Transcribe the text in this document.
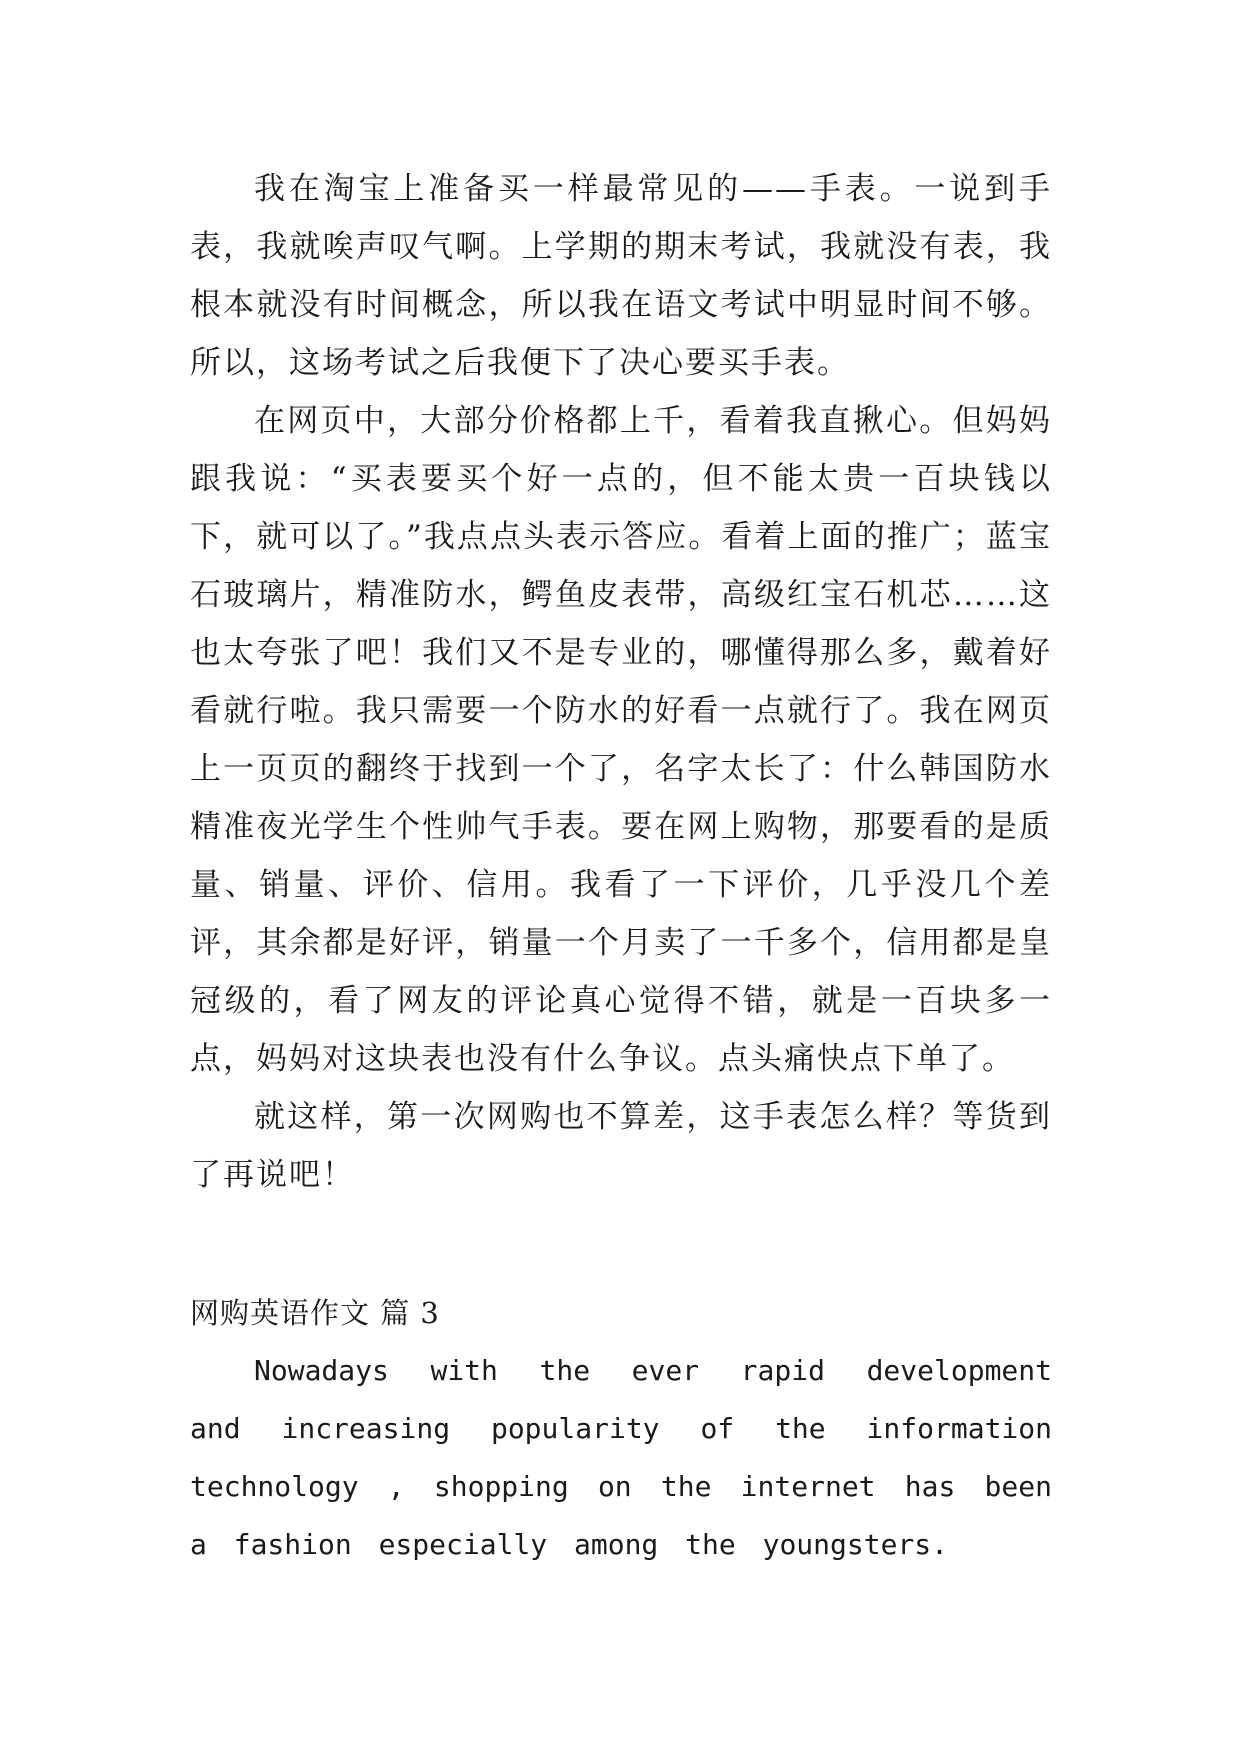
我在淘宝上准备买一样最常见的——手表。一说到手表，我就唉声叹气啊。上学期的期末考试，我就没有表，我根本就没有时间概念，所以我在语文考试中明显时间不够。所以，这场考试之后我便下了决心要买手表。

在网页中，大部分价格都上千，看着我直揪心。但妈妈跟我说：“买表要买个好一点的，但不能太贵一百块钱以下，就可以了。”我点点头表示答应。看着上面的推广；蓝宝石玻璃片，精准防水，鳄鱼皮表带，高级红宝石机芯……这也太夸张了吧！我们又不是专业的，哪懂得那么多，戴着好看就行啦。我只需要一个防水的好看一点就行了。我在网页上一页页的翻终于找到一个了，名字太长了：什么韩国防水精准夜光学生个性帅气手表。要在网上购物，那要看的是质量、销量、评价、信用。我看了一下评价，几乎没几个差评，其余都是好评，销量一个月卖了一千多个，信用都是皇冠级的，看了网友的评论真心觉得不错，就是一百块多一点，妈妈对这块表也没有什么争议。点头痛快点下单了。

就这样，第一次网购也不算差，这手表怎么样？等货到了再说吧！

网购英语作文 篇 3

Nowadays with the ever rapid development and increasing popularity of the information technology , shopping on the internet has been a fashion especially among the youngsters.
